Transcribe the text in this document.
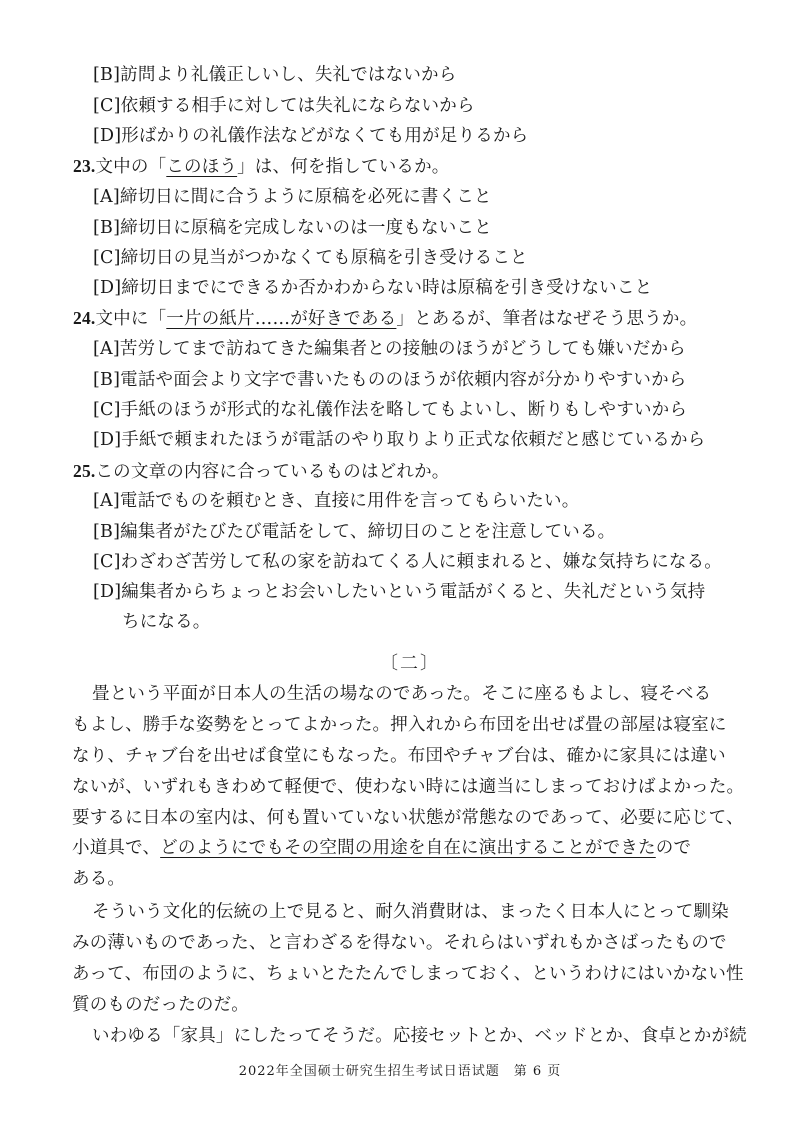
[B]訪問より礼儀正しいし、失礼ではないから
[C]依頼する相手に対しては失礼にならないから
[D]形ばかりの礼儀作法などがなくても用が足りるから
23.文中の「このほう」は、何を指しているか。
[A]締切日に間に合うように原稿を必死に書くこと
[B]締切日に原稿を完成しないのは一度もないこと
[C]締切日の見当がつかなくても原稿を引き受けること
[D]締切日までにできるか否かわからない時は原稿を引き受けないこと
24.文中に「一片の紙片……が好きである」とあるが、筆者はなぜそう思うか。
[A]苦労してまで訪ねてきた編集者との接触のほうがどうしても嫌いだから
[B]電話や面会より文字で書いたもののほうが依頼内容が分かりやすいから
[C]手紙のほうが形式的な礼儀作法を略してもよいし、断りもしやすいから
[D]手紙で頼まれたほうが電話のやり取りより正式な依頼だと感じているから
25.この文章の内容に合っているものはどれか。
[A]電話でものを頼むとき、直接に用件を言ってもらいたい。
[B]編集者がたびたび電話をして、締切日のことを注意している。
[C]わざわざ苦労して私の家を訪ねてくる人に頼まれると、嫌な気持ちになる。
[D]編集者からちょっとお会いしたいという電話がくると、失礼だという気持
ちになる。
〔二〕
畳という平面が日本人の生活の場なのであった。そこに座るもよし、寝そべる
もよし、勝手な姿勢をとってよかった。押入れから布団を出せば畳の部屋は寝室に
なり、チャブ台を出せば食堂にもなった。布団やチャブ台は、確かに家具には違い
ないが、いずれもきわめて軽便で、使わない時には適当にしまっておけばよかった。
要するに日本の室内は、何も置いていない状態が常態なのであって、必要に応じて、
小道具で、どのようにでもその空間の用途を自在に演出することができたので
ある。
そういう文化的伝統の上で見ると、耐久消費財は、まったく日本人にとって馴染
みの薄いものであった、と言わざるを得ない。それらはいずれもかさばったもので
あって、布団のように、ちょいとたたんでしまっておく、というわけにはいかない性
質のものだったのだ。
いわゆる「家具」にしたってそうだ。応接セットとか、ベッドとか、食卓とかが続
2022年全国硕士研究生招生考试日语试题　第 6 页
